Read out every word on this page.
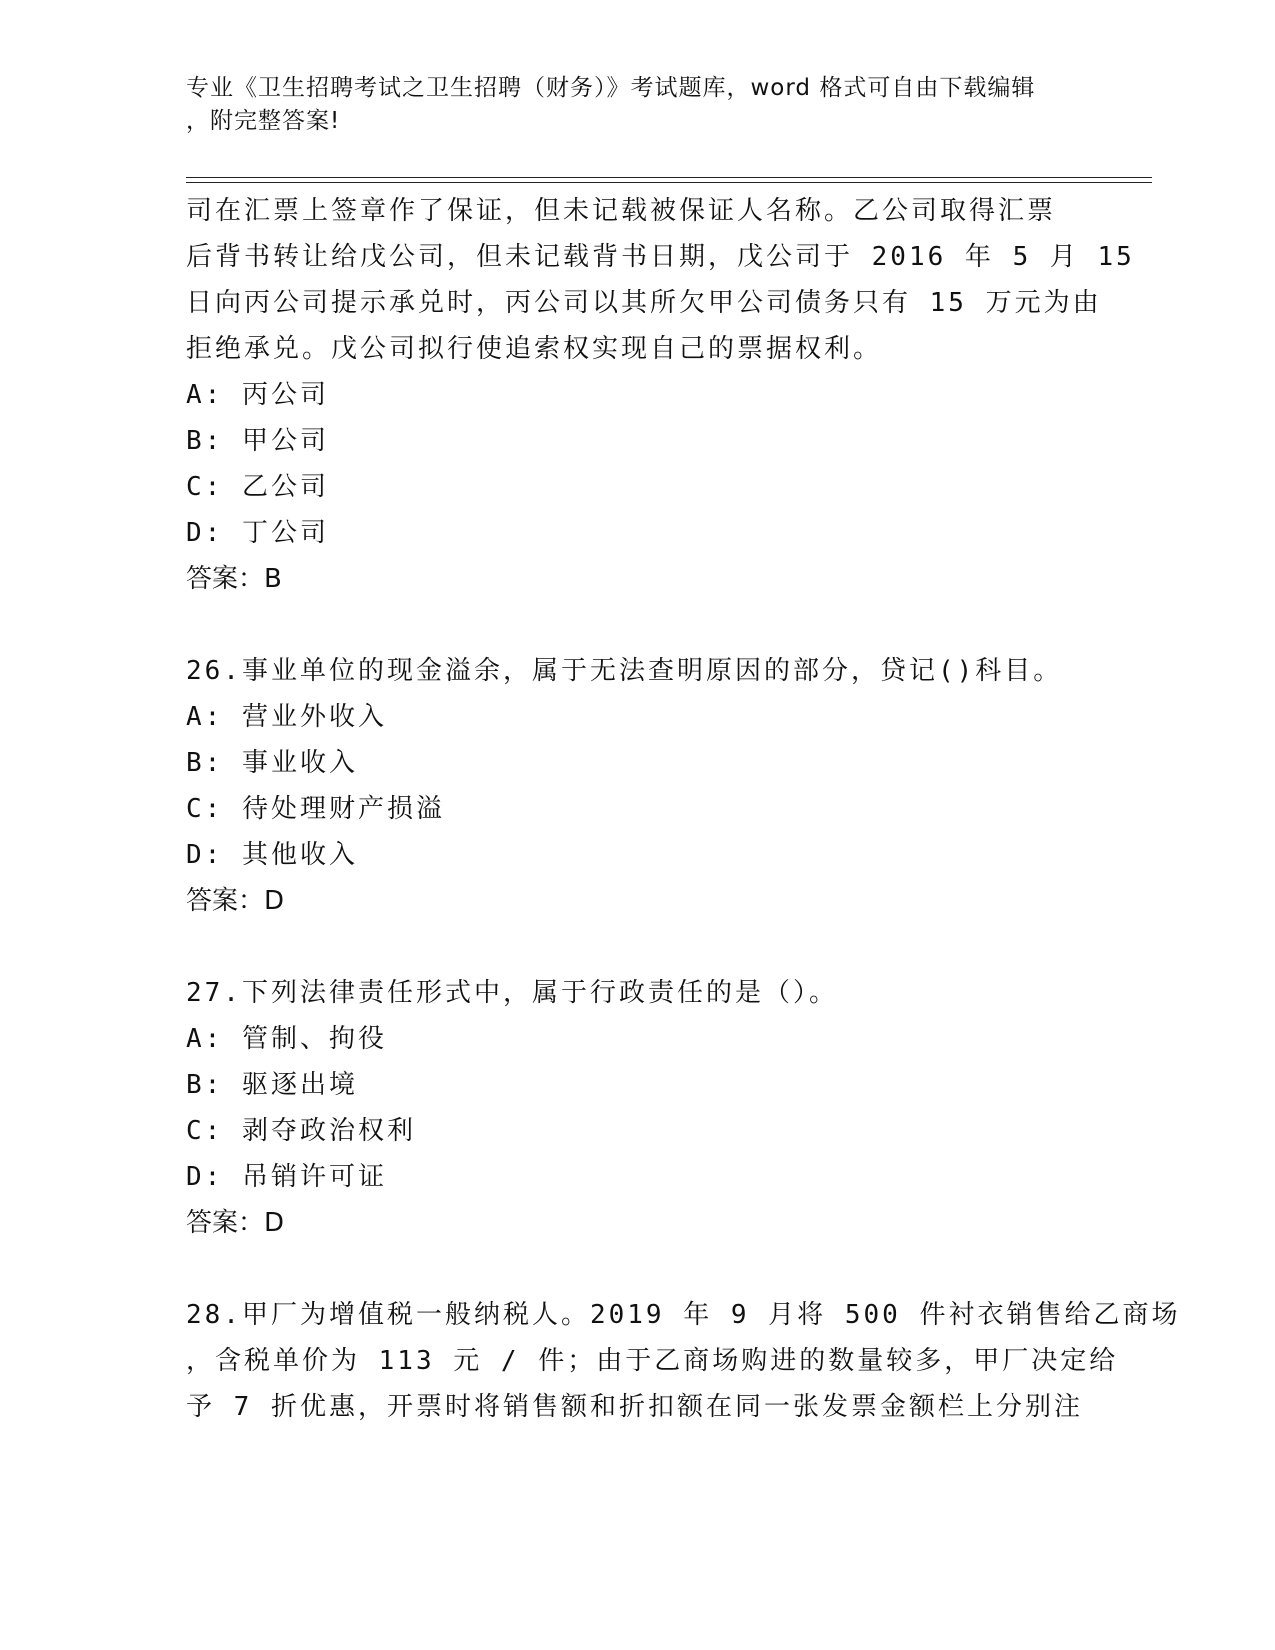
专业《卫生招聘考试之卫生招聘（财务）》考试题库，word 格式可自由下载编辑
，附完整答案!
司在汇票上签章作了保证，但未记载被保证人名称。乙公司取得汇票
后背书转让给戊公司，但未记载背书日期，戊公司于 2016 年 5 月 15
日向丙公司提示承兑时，丙公司以其所欠甲公司债务只有 15 万元为由
拒绝承兑。戊公司拟行使追索权实现自己的票据权利。
A: 丙公司
B: 甲公司
C: 乙公司
D: 丁公司
答案：B
26.事业单位的现金溢余，属于无法查明原因的部分，贷记()科目。
A: 营业外收入
B: 事业收入
C: 待处理财产损溢
D: 其他收入
答案：D
27.下列法律责任形式中，属于行政责任的是（）。
A: 管制、拘役
B: 驱逐出境
C: 剥夺政治权利
D: 吊销许可证
答案：D
28.甲厂为增值税一般纳税人。2019 年 9 月将 500 件衬衣销售给乙商场
，含税单价为 113 元 / 件；由于乙商场购进的数量较多，甲厂决定给
予 7 折优惠，开票时将销售额和折扣额在同一张发票金额栏上分别注
